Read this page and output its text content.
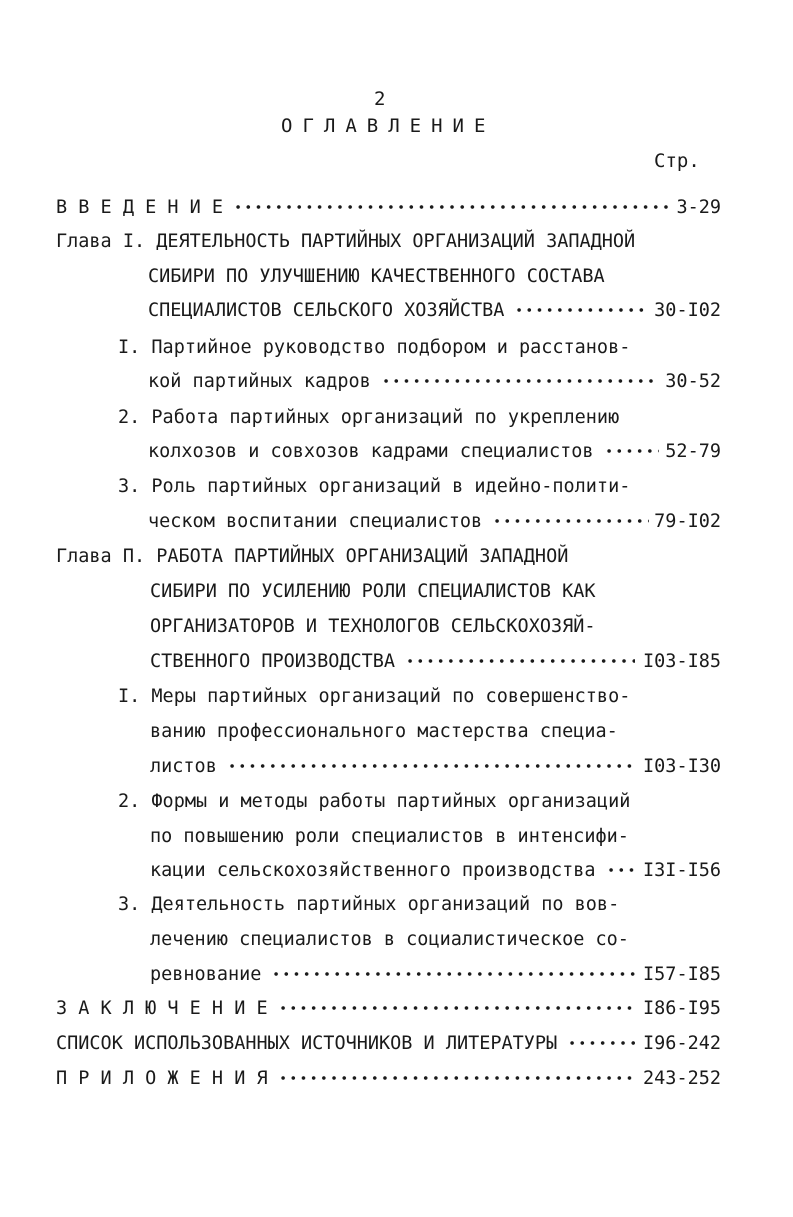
2
ОГЛАВЛЕНИЕ
Стр.
В В Е Д Е Н И Е	3-29
Глава I. ДЕЯТЕЛЬНОСТЬ ПАРТИЙНЫХ ОРГАНИЗАЦИЙ ЗАПАДНОЙ
СИБИРИ ПО УЛУЧШЕНИЮ КАЧЕСТВЕННОГО СОСТАВА
СПЕЦИАЛИСТОВ СЕЛЬСКОГО ХОЗЯЙСТВА	30-I02
I. Партийное руководство подбором и расстанов-
кой партийных кадров	30-52
2. Работа партийных организаций по укреплению
колхозов и совхозов кадрами специалистов	52-79
3. Роль партийных организаций в идейно-полити-
ческом воспитании специалистов	79-I02
Глава П. РАБОТА ПАРТИЙНЫХ ОРГАНИЗАЦИЙ ЗАПАДНОЙ
СИБИРИ ПО УСИЛЕНИЮ РОЛИ СПЕЦИАЛИСТОВ КАК
ОРГАНИЗАТОРОВ И ТЕХНОЛОГОВ СЕЛЬСКОХОЗЯЙ-
СТВЕННОГО ПРОИЗВОДСТВА	I03-I85
I. Меры партийных организаций по совершенство-
ванию профессионального мастерства специа-
листов	I03-I30
2. Формы и методы работы партийных организаций
по повышению роли специалистов в интенсифи-
кации сельскохозяйственного производства	I3I-I56
3. Деятельность партийных организаций по вов-
лечению специалистов в социалистическое со-
ревнование	I57-I85
З А К Л Ю Ч Е Н И Е	I86-I95
СПИСОК ИСПОЛЬЗОВАННЫХ ИСТОЧНИКОВ И ЛИТЕРАТУРЫ	I96-242
П Р И Л О Ж Е Н И Я	243-252
